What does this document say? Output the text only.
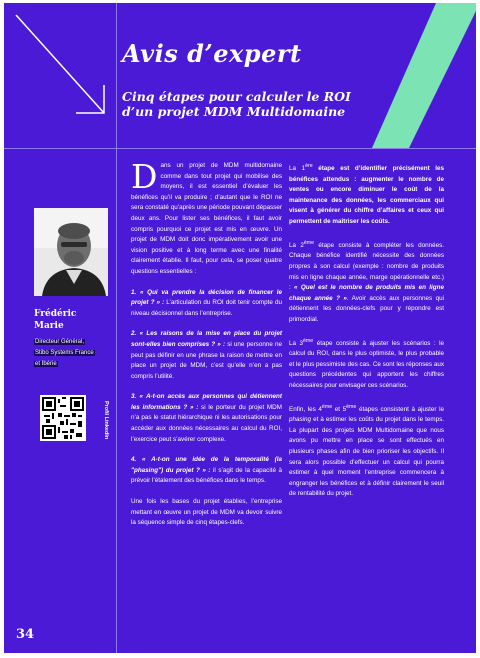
Avis d’expert
Cinq étapes pour calculer le ROI
d’un projet MDM Multidomaine
Frédéric
Marie
Directeur Général,
Stibo Systems France
et Ibérie
Profil LinkedIn

Dans un projet de MDM multidomaine comme dans tout projet qui mobilise des moyens, il est essentiel d’évaluer les bénéfices qu’il va produire ; d’autant que le ROI ne sera constaté qu’après une période pouvant dépasser deux ans. Pour lister ses bénéfices, il faut avoir compris pourquoi ce projet est mis en œuvre. Un projet de MDM doit donc impérativement avoir une vision positive et à long terme avec une finalité clairement établie. Il faut, pour cela, se poser quatre questions essentielles :

1. « Qui va prendre la décision de financer le projet ? » : L’articulation du ROI doit tenir compte du niveau décisionnel dans l’entreprise.

2. « Les raisons de la mise en place du projet sont-elles bien comprises ? » : si une personne ne peut pas définir en une phrase la raison de mettre en place un projet de MDM, c’est qu’elle n’en a pas compris l’utilité.

3. « A-t-on accès aux personnes qui détiennent les informations ? » : si le porteur du projet MDM n’a pas le statut hiérarchique ni les autorisations pour accéder aux données nécessaires au calcul du ROI, l’exercice peut s’avérer complexe.

4. « A-t-on une idée de la temporalité (la "phasing") du projet ? » : il s’agit de la capacité à prévoir l’étalement des bénéfices dans le temps.

Une fois les bases du projet établies, l’entreprise mettant en œuvre un projet de MDM va devoir suivre la séquence simple de cinq étapes-clefs.

La 1ère étape est d’identifier précisément les bénéfices attendus : augmenter le nombre de ventes ou encore diminuer le coût de la maintenance des données, les commerciaux qui visent à générer du chiffre d’affaires et ceux qui permettent de maîtriser les coûts.

La 2ème étape consiste à compléter les données. Chaque bénéfice identifié nécessite des données propres à son calcul (exemple : nombre de produits mis en ligne chaque année, marge opérationnelle etc.) : « Quel est le nombre de produits mis en ligne chaque année ? ». Avoir accès aux personnes qui détiennent les données-clefs pour y répondre est primordial.

La 3ème étape consiste à ajuster les scénarios : le calcul du ROI, dans le plus optimiste, le plus probable et le plus pessimiste des cas. Ce sont les réponses aux questions précédentes qui apportent les chiffres nécessaires pour envisager ces scénarios.

Enfin, les 4ème et 5ème étapes consistent à ajuster le phasing et à estimer les coûts du projet dans le temps. La plupart des projets MDM Multidomaine que nous avons pu mettre en place se sont effectués en plusieurs phases afin de bien prioriser les objectifs. Il sera alors possible d’effectuer un calcul qui pourra estimer à quel moment l’entreprise commencera à engranger les bénéfices et à définir clairement le seuil de rentabilité du projet.

34
